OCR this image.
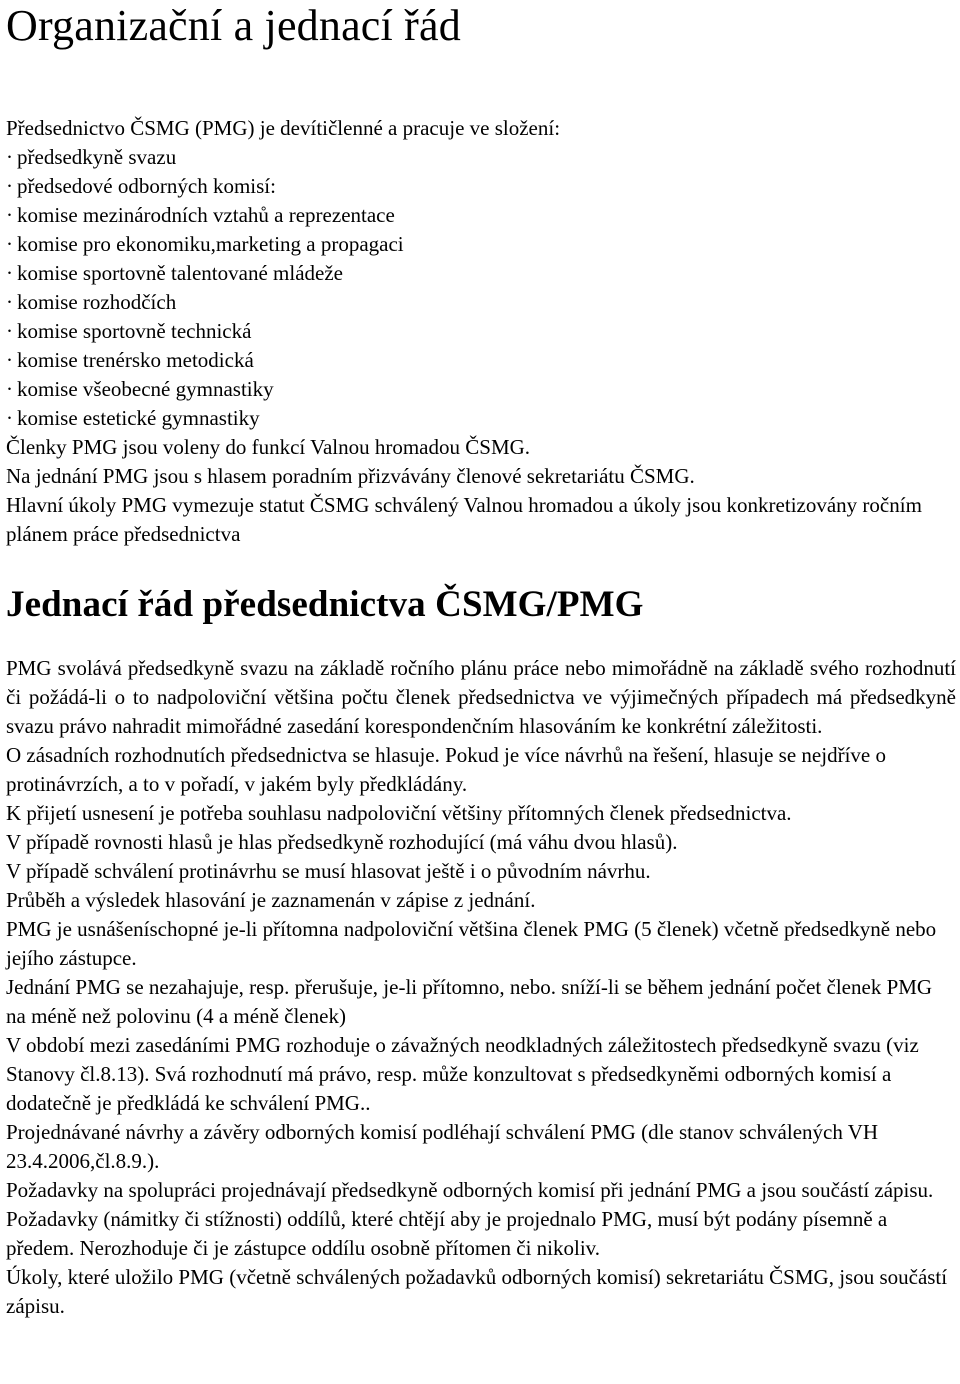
Organizační a jednací řád
Předsednictvo ČSMG (PMG) je devítičlenné a pracuje ve složení:
· předsedkyně svazu
· předsedové odborných komisí:
· komise mezinárodních vztahů a reprezentace
· komise pro ekonomiku,marketing a propagaci
· komise sportovně talentované mládeže
· komise rozhodčích
· komise sportovně technická
· komise trenérsko metodická
· komise všeobecné gymnastiky
· komise estetické gymnastiky
Členky PMG jsou voleny do funkcí Valnou hromadou ČSMG.
Na jednání PMG jsou s hlasem poradním přizvávány členové sekretariátu ČSMG.
Hlavní úkoly PMG vymezuje statut ČSMG schválený Valnou hromadou a úkoly jsou konkretizovány ročním plánem práce předsednictva
Jednací řád předsednictva ČSMG/PMG
PMG svolává předsedkyně svazu na základě ročního plánu práce nebo mimořádně na základě svého rozhodnutí či požádá-li o to nadpoloviční většina počtu členek předsednictva ve výjimečných případech má předsedkyně svazu právo nahradit mimořádné zasedání korespondenčním hlasováním ke konkrétní záležitosti.
O zásadních rozhodnutích předsednictva se hlasuje. Pokud je více návrhů na řešení, hlasuje se nejdříve o protinávrzích, a to v pořadí, v jakém byly předkládány.
K přijetí usnesení je potřeba souhlasu nadpoloviční většiny přítomných členek předsednictva.
V případě rovnosti hlasů je hlas předsedkyně rozhodující (má váhu dvou hlasů).
V případě schválení protinávrhu se musí hlasovat ještě i o původním návrhu.
Průběh a výsledek hlasování je zaznamenán v zápise z jednání.
PMG je usnášeníschopné je-li přítomna nadpoloviční většina členek PMG (5 členek) včetně předsedkyně nebo jejího zástupce.
Jednání PMG se nezahajuje, resp. přerušuje, je-li přítomno, nebo. sníží-li se během jednání počet členek PMG na méně než polovinu (4 a méně členek)
V období mezi zasedáními PMG rozhoduje o závažných neodkladných záležitostech předsedkyně svazu (viz Stanovy čl.8.13). Svá rozhodnutí má právo, resp. může konzultovat s předsedkyněmi odborných komisí a dodatečně je předkládá ke schválení PMG..
Projednávané návrhy a závěry odborných komisí podléhají schválení PMG (dle stanov schválených VH 23.4.2006,čl.8.9.).
Požadavky na spolupráci projednávají předsedkyně odborných komisí při jednání PMG a jsou součástí zápisu.
Požadavky (námitky či stížnosti) oddílů, které chtějí aby je projednalo PMG, musí být podány písemně a předem. Nerozhoduje či je zástupce oddílu osobně přítomen či nikoliv.
Úkoly, které uložilo PMG (včetně schválených požadavků odborných komisí) sekretariátu ČSMG, jsou součástí zápisu.
